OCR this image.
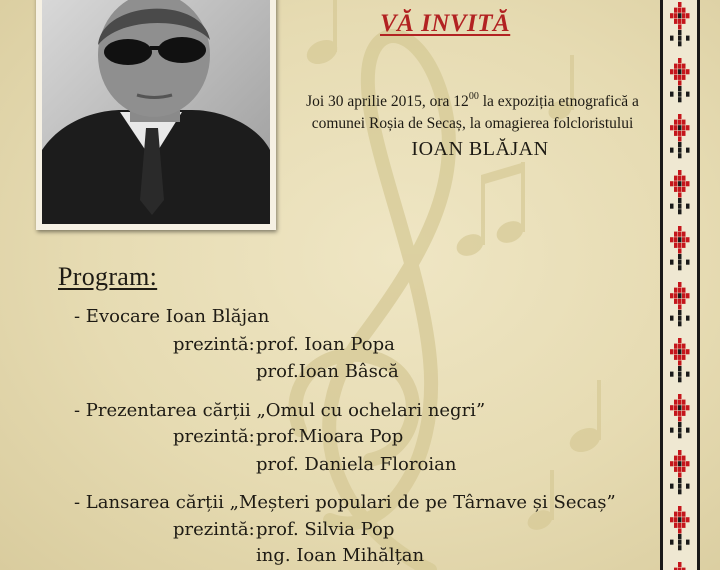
VĂ INVITĂ
Joi 30 aprilie 2015, ora $12^{00}$ la expoziția etnografică a
comunei Roșia de Secaș, la omagierea folcloristului
IOAN BLĂJAN
Program:
- Evocare Ioan Blăjan
prezintă: prof. Ioan Popa
prof.Ioan Bâscă
- Prezentarea cărții „Omul cu ochelari negri”
prezintă: prof.Mioara Pop
prof. Daniela Floroian
- Lansarea cărții „Meșteri populari de pe Târnave și Secaș”
prezintă: prof. Silvia Pop
ing. Ioan Mihălțan
